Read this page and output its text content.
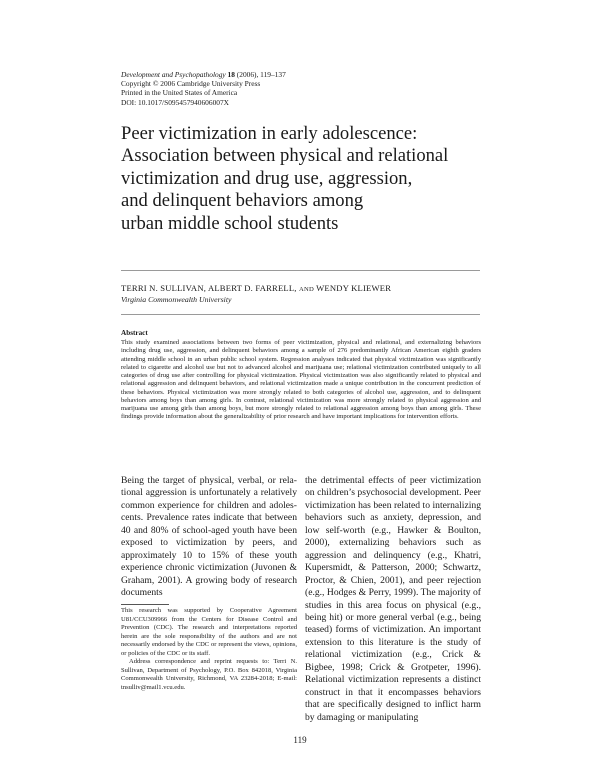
Development and Psychopathology 18 (2006), 119–137
Copyright © 2006 Cambridge University Press
Printed in the United States of America
DOI: 10.1017/S095457940606007X
Peer victimization in early adolescence:
Association between physical and relational
victimization and drug use, aggression,
and delinquent behaviors among
urban middle school students
TERRI N. SULLIVAN, ALBERT D. FARRELL, AND WENDY KLIEWER
Virginia Commonwealth University
Abstract
This study examined associations between two forms of peer victimization, physical and relational, and externalizing behaviors including drug use, aggression, and delinquent behaviors among a sample of 276 predominantly African American eighth graders attending middle school in an urban public school system. Regression analyses indicated that physical victimization was significantly related to cigarette and alcohol use but not to advanced alcohol and marijuana use; relational victimization contributed uniquely to all categories of drug use after controlling for physical victimization. Physical victimization was also significantly related to physical and relational aggression and delinquent behaviors, and relational victimization made a unique contribution in the concurrent prediction of these behaviors. Physical victimization was more strongly related to both categories of alcohol use, aggression, and to delinquent behaviors among boys than among girls. In contrast, relational victimization was more strongly related to physical aggression and marijuana use among girls than among boys, but more strongly related to relational aggression among boys than among girls. These findings provide information about the generalizability of prior research and have important implications for intervention efforts.
Being the target of physical, verbal, or relational aggression is unfortunately a relatively common experience for children and adolescents. Prevalence rates indicate that between 40 and 80% of school-aged youth have been exposed to victimization by peers, and approximately 10 to 15% of these youth experience chronic victimization (Juvonen & Graham, 2001). A growing body of research documents
the detrimental effects of peer victimization on children’s psychosocial development. Peer victimization has been related to internalizing behaviors such as anxiety, depression, and low self-worth (e.g., Hawker & Boulton, 2000), externalizing behaviors such as aggression and delinquency (e.g., Khatri, Kupersmidt, & Patterson, 2000; Schwartz, Proctor, & Chien, 2001), and peer rejection (e.g., Hodges & Perry, 1999). The majority of studies in this area focus on physical (e.g., being hit) or more general verbal (e.g., being teased) forms of victimization. An important extension to this literature is the study of relational victimization (e.g., Crick & Bigbee, 1998; Crick & Grotpeter, 1996). Relational victimization represents a distinct construct in that it encompasses behaviors that are specifically designed to inflict harm by damaging or manipulating

This research was supported by Cooperative Agreement U81/CCU309966 from the Centers for Disease Control and Prevention (CDC). The research and interpretations reported herein are the sole responsibility of the authors and are not necessarily endorsed by the CDC or represent the views, opinions, or policies of the CDC or its staff.

Address correspondence and reprint requests to: Terri N. Sullivan, Department of Psychology, P.O. Box 842018, Virginia Commonwealth University, Richmond, VA 23284-2018; E-mail: tnsulliv@mail1.vcu.edu.

119
